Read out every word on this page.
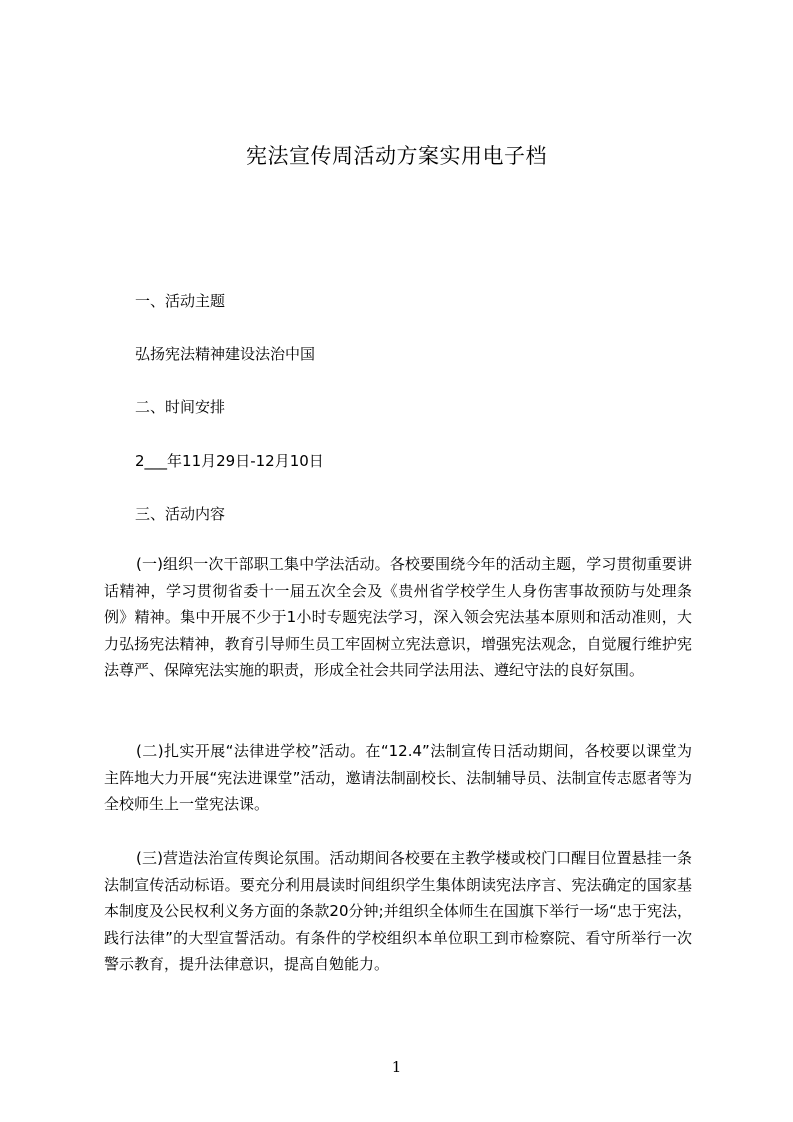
宪法宣传周活动方案实用电子档
一、活动主题
弘扬宪法精神建设法治中国
二、时间安排
2___年11月29日-12月10日
三、活动内容
(一)组织一次干部职工集中学法活动。各校要围绕今年的活动主题，学习贯彻重要讲话精神，学习贯彻省委十一届五次全会及《贵州省学校学生人身伤害事故预防与处理条例》精神。集中开展不少于1小时专题宪法学习，深入领会宪法基本原则和活动准则，大力弘扬宪法精神，教育引导师生员工牢固树立宪法意识，增强宪法观念，自觉履行维护宪法尊严、保障宪法实施的职责，形成全社会共同学法用法、遵纪守法的良好氛围。
(二)扎实开展“法律进学校”活动。在“12.4”法制宣传日活动期间，各校要以课堂为主阵地大力开展“宪法进课堂”活动，邀请法制副校长、法制辅导员、法制宣传志愿者等为全校师生上一堂宪法课。
(三)营造法治宣传舆论氛围。活动期间各校要在主教学楼或校门口醒目位置悬挂一条法制宣传活动标语。要充分利用晨读时间组织学生集体朗读宪法序言、宪法确定的国家基本制度及公民权利义务方面的条款20分钟;并组织全体师生在国旗下举行一场“忠于宪法，践行法律”的大型宣誓活动。有条件的学校组织本单位职工到市检察院、看守所举行一次警示教育，提升法律意识，提高自勉能力。
1
